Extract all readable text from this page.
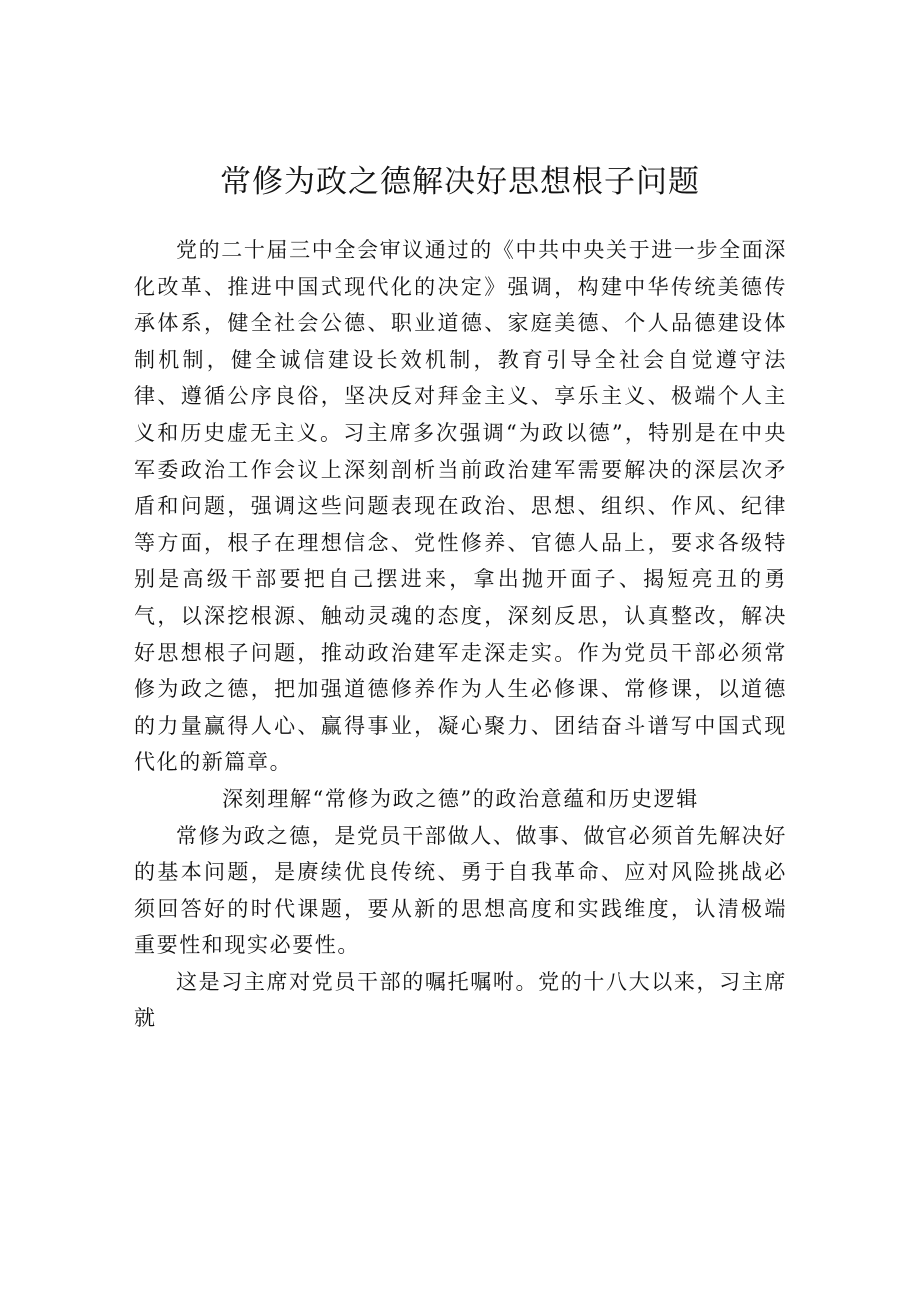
常修为政之德解决好思想根子问题

党的二十届三中全会审议通过的《中共中央关于进一步全面深化改革、推进中国式现代化的决定》强调，构建中华传统美德传承体系，健全社会公德、职业道德、家庭美德、个人品德建设体制机制，健全诚信建设长效机制，教育引导全社会自觉遵守法律、遵循公序良俗，坚决反对拜金主义、享乐主义、极端个人主义和历史虚无主义。习主席多次强调“为政以德”，特别是在中央军委政治工作会议上深刻剖析当前政治建军需要解决的深层次矛盾和问题，强调这些问题表现在政治、思想、组织、作风、纪律等方面，根子在理想信念、党性修养、官德人品上，要求各级特别是高级干部要把自己摆进来，拿出抛开面子、揭短亮丑的勇气，以深挖根源、触动灵魂的态度，深刻反思，认真整改，解决好思想根子问题，推动政治建军走深走实。作为党员干部必须常修为政之德，把加强道德修养作为人生必修课、常修课，以道德的力量赢得人心、赢得事业，凝心聚力、团结奋斗谱写中国式现代化的新篇章。

深刻理解“常修为政之德”的政治意蕴和历史逻辑

常修为政之德，是党员干部做人、做事、做官必须首先解决好的基本问题，是赓续优良传统、勇于自我革命、应对风险挑战必须回答好的时代课题，要从新的思想高度和实践维度，认清极端重要性和现实必要性。

这是习主席对党员干部的嘱托嘱咐。党的十八大以来，习主席就
